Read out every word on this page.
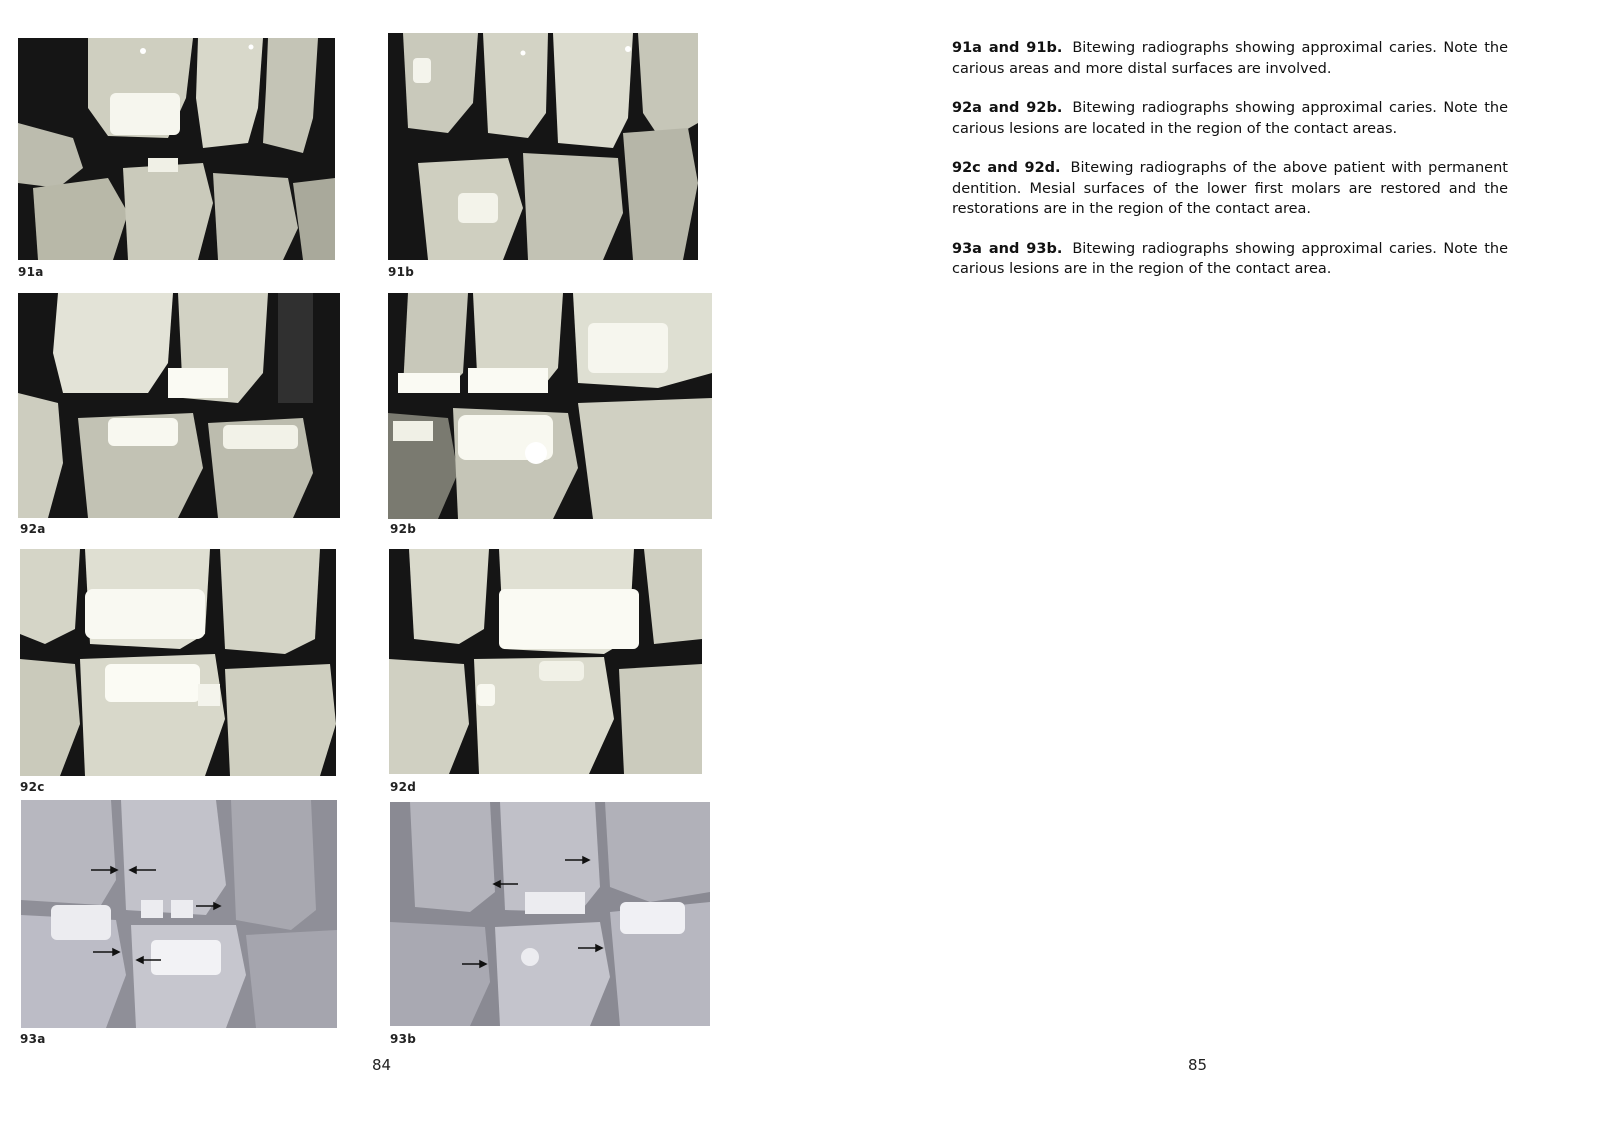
91a	91b
92a	92b
92c	92d
93a	93b
84

91a and 91b. Bitewing radiographs showing approximal caries. Note the carious areas and more distal surfaces are involved.

92a and 92b. Bitewing radiographs showing approximal caries. Note the carious lesions are located in the region of the contact areas.

92c and 92d. Bitewing radiographs of the above patient with permanent dentition. Mesial surfaces of the lower first molars are restored and the restorations are in the region of the contact area.

93a and 93b. Bitewing radiographs showing approximal caries. Note the carious lesions are in the region of the contact area.

85
